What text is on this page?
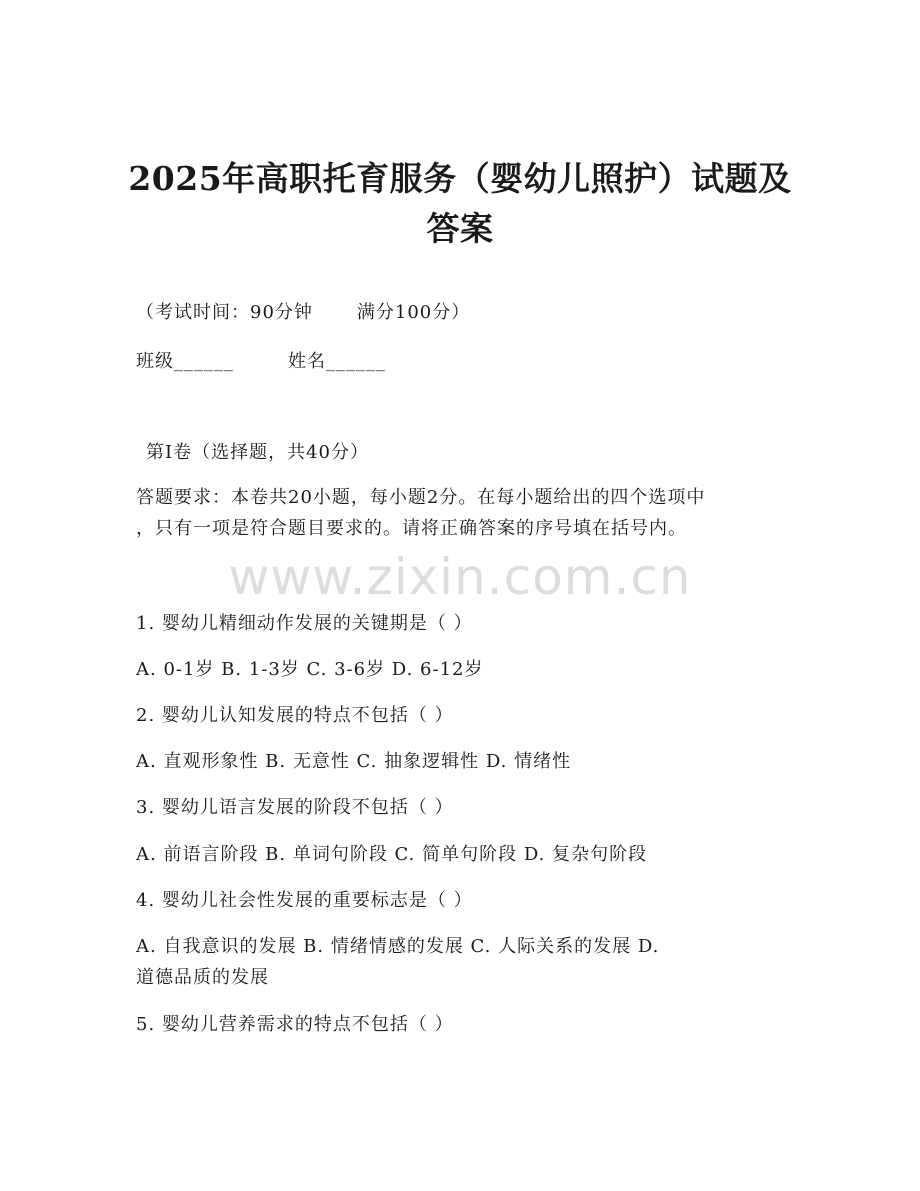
2025年高职托育服务（婴幼儿照护）试题及
答案
（考试时间：90分钟 满分100分）
班级______	姓名______
第I卷（选择题，共40分）
答题要求：本卷共20小题，每小题2分。在每小题给出的四个选项中
，只有一项是符合题目要求的。请将正确答案的序号填在括号内。
www.zixin.com.cn
1. 婴幼儿精细动作发展的关键期是（ ）
A. 0-1岁 B. 1-3岁 C. 3-6岁 D. 6-12岁
2. 婴幼儿认知发展的特点不包括（ ）
A. 直观形象性 B. 无意性 C. 抽象逻辑性 D. 情绪性
3. 婴幼儿语言发展的阶段不包括（ ）
A. 前语言阶段 B. 单词句阶段 C. 简单句阶段 D. 复杂句阶段
4. 婴幼儿社会性发展的重要标志是（ ）
A. 自我意识的发展 B. 情绪情感的发展 C. 人际关系的发展 D.
道德品质的发展
5. 婴幼儿营养需求的特点不包括（ ）
